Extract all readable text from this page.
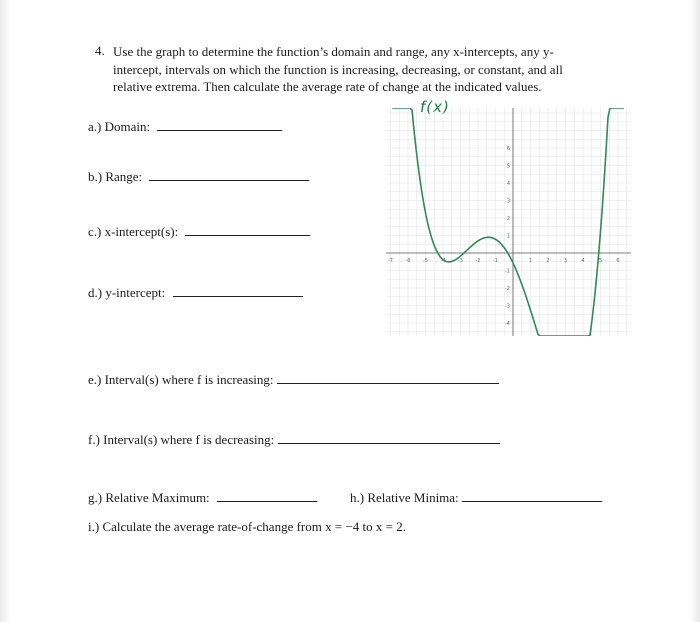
4. Use the graph to determine the function’s domain and range, any x-intercepts, any y-intercept, intervals on which the function is increasing, decreasing, or constant, and all relative extrema. Then calculate the average rate of change at the indicated values.
a.) Domain:
b.) Range:
c.) x-intercept(s):
d.) y-intercept:
e.) Interval(s) where f is increasing:
f.) Interval(s) where f is decreasing:
g.) Relative Maximum:	h.) Relative Minima:
i.) Calculate the average rate-of-change from x = −4 to x = 2.
f(x)
-7	-6	-5	-4	-3	-2	-1	1	2	3	4	5	6
6
5
4
3
2
1
-1
-2
-3
-4
